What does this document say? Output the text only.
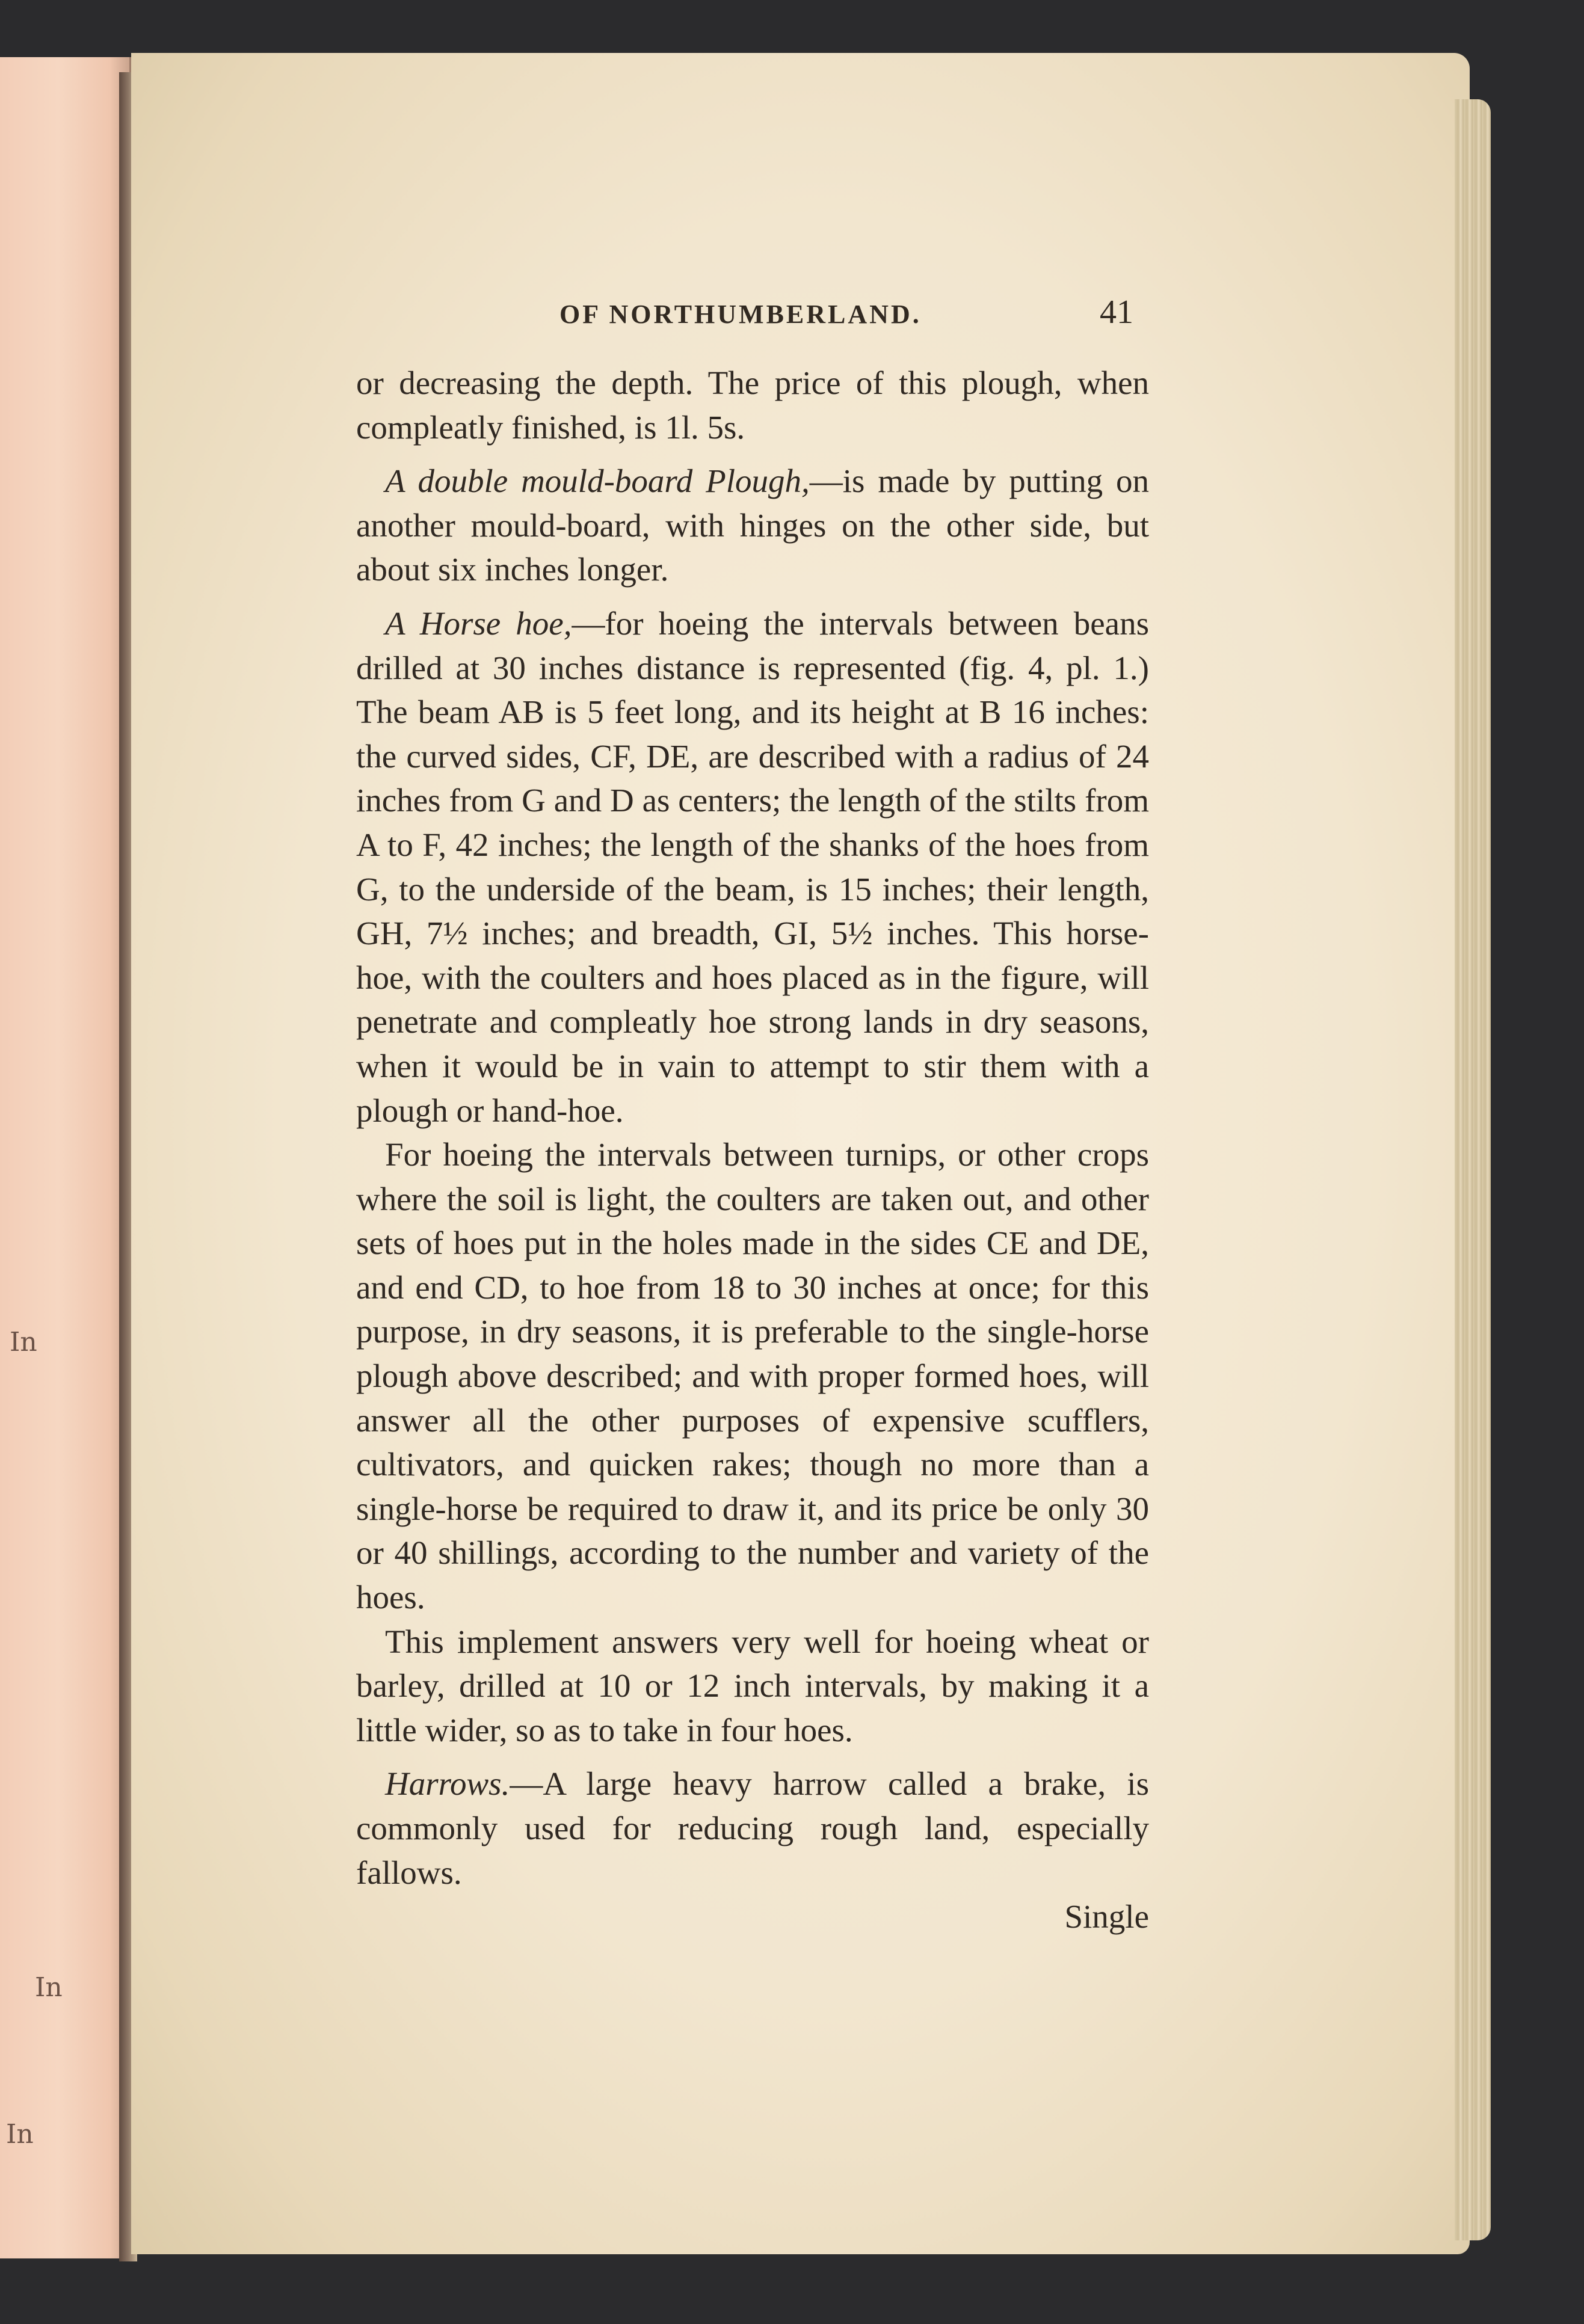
In
In
In
OF NORTHUMBERLAND.	41

or decreasing the depth. The price of this plough, when compleatly finished, is 1l. 5s.

A double mould-board Plough,—is made by putting on another mould-board, with hinges on the other side, but about six inches longer.

A Horse hoe,—for hoeing the intervals between beans drilled at 30 inches distance is represented (fig. 4, pl. 1.) The beam AB is 5 feet long, and its height at B 16 inches: the curved sides, CF, DE, are described with a radius of 24 inches from G and D as centers; the length of the stilts from A to F, 42 inches; the length of the shanks of the hoes from G, to the underside of the beam, is 15 inches; their length, GH, 7½ inches; and breadth, GI, 5½ inches. This horse-hoe, with the coulters and hoes placed as in the figure, will penetrate and compleatly hoe strong lands in dry seasons, when it would be in vain to attempt to stir them with a plough or hand-hoe.

For hoeing the intervals between turnips, or other crops where the soil is light, the coulters are taken out, and other sets of hoes put in the holes made in the sides CE and DE, and end CD, to hoe from 18 to 30 inches at once; for this purpose, in dry seasons, it is preferable to the single-horse plough above described; and with proper formed hoes, will answer all the other purposes of expensive scufflers, cultivators, and quicken rakes; though no more than a single-horse be required to draw it, and its price be only 30 or 40 shillings, according to the number and variety of the hoes.

This implement answers very well for hoeing wheat or barley, drilled at 10 or 12 inch intervals, by making it a little wider, so as to take in four hoes.

Harrows.—A large heavy harrow called a brake, is commonly used for reducing rough land, especially fallows.

Single
